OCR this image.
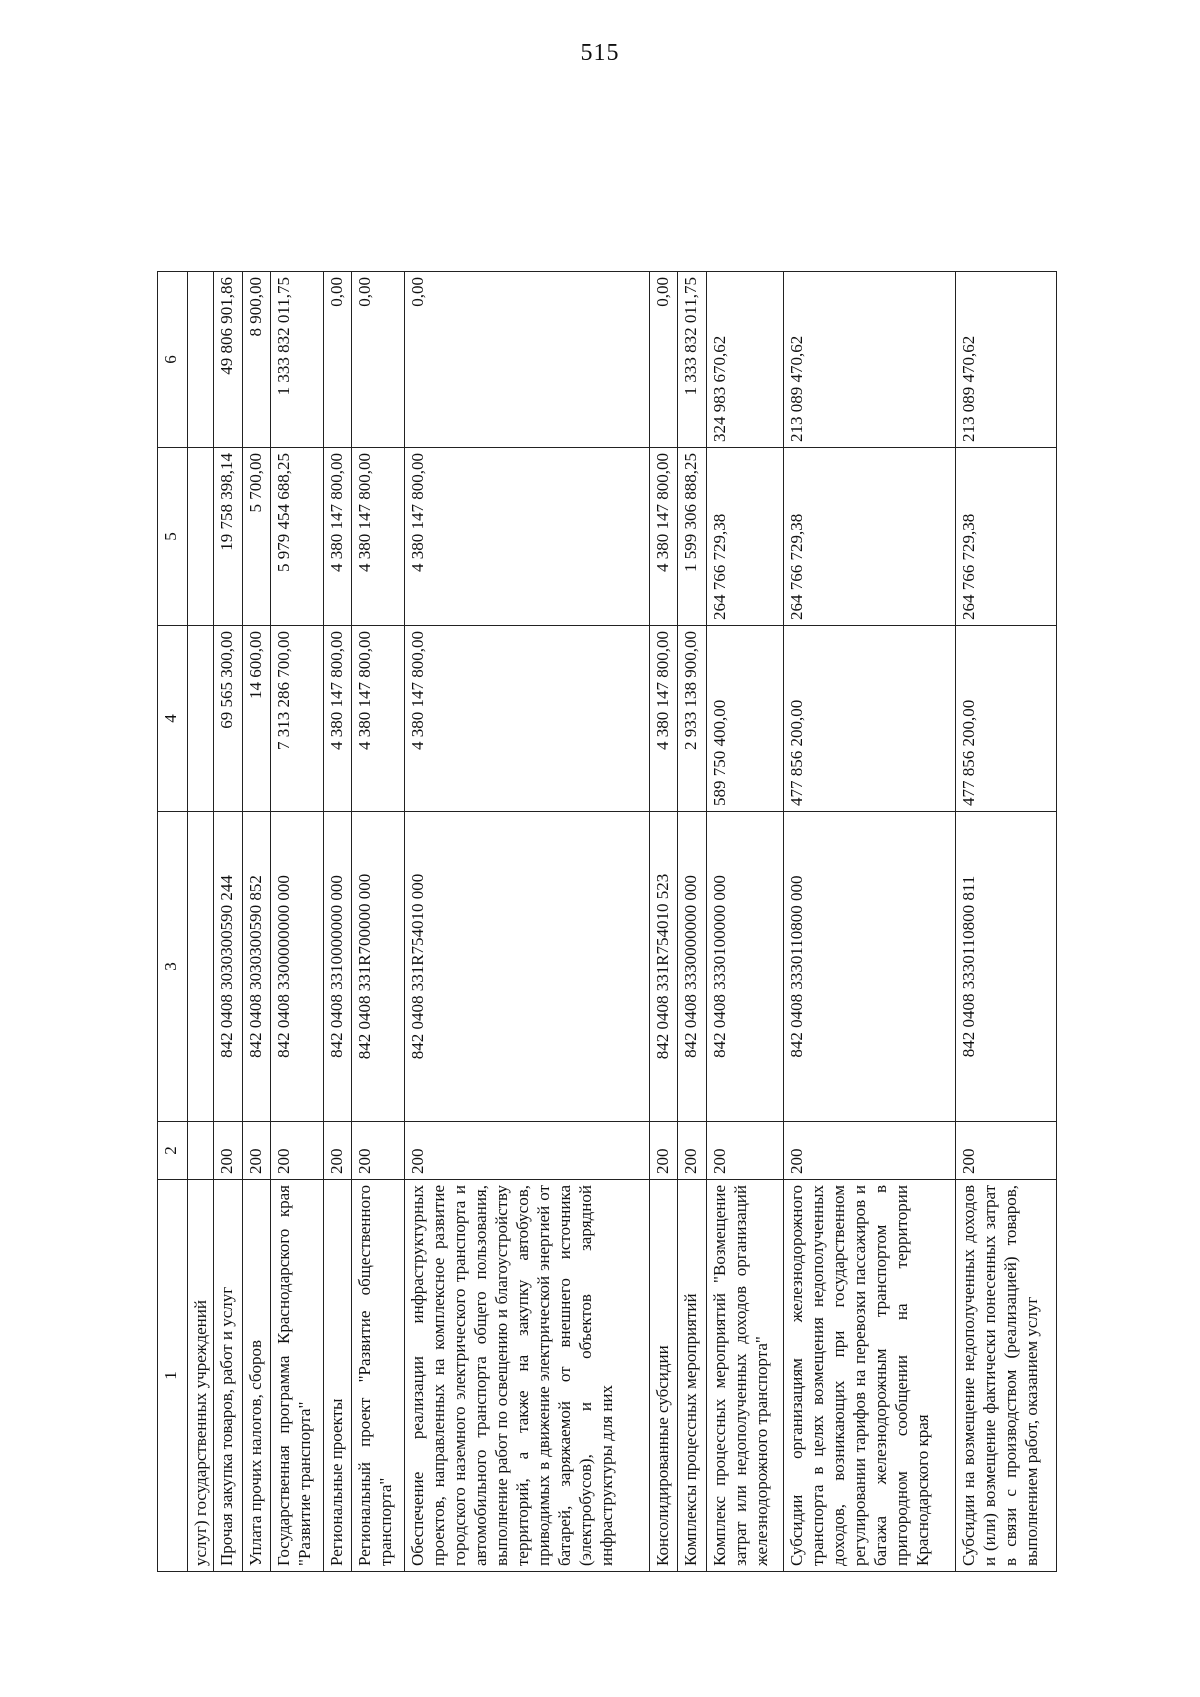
515
1	2	3	4	5	6
услуг) государственных учреждений					
Прочая закупка товаров, работ и услуг	200	842 0408 3030300590 244	69 565 300,00	19 758 398,14	49 806 901,86
Уплата прочих налогов, сборов	200	842 0408 3030300590 852	14 600,00	5 700,00	8 900,00
Государственная программа Краснодарского края "Развитие транспорта"	200	842 0408 3300000000 000	7 313 286 700,00	5 979 454 688,25	1 333 832 011,75
Региональные проекты	200	842 0408 3310000000 000	4 380 147 800,00	4 380 147 800,00	0,00
Региональный проект "Развитие общественного транспорта"	200	842 0408 331R700000 000	4 380 147 800,00	4 380 147 800,00	0,00
Обеспечение реализации инфраструктурных проектов, направленных на комплексное развитие городского наземного электрического транспорта и автомобильного транспорта общего пользования, выполнение работ по освещению и благоустройству территорий, а также на закупку автобусов, приводимых в движение электрической энергией от батарей, заряжаемой от внешнего источника (электробусов), и объектов зарядной инфраструктуры для них	200	842 0408 331R754010 000	4 380 147 800,00	4 380 147 800,00	0,00
Консолидированные субсидии	200	842 0408 331R754010 523	4 380 147 800,00	4 380 147 800,00	0,00
Комплексы процессных мероприятий	200	842 0408 3330000000 000	2 933 138 900,00	1 599 306 888,25	1 333 832 011,75
Комплекс процессных мероприятий "Возмещение затрат или недополученных доходов организаций железнодорожного транспорта"	200	842 0408 3330100000 000	589 750 400,00	264 766 729,38	324 983 670,62
Субсидии организациям железнодорожного транспорта в целях возмещения недополученных доходов, возникающих при государственном регулировании тарифов на перевозки пассажиров и багажа железнодорожным транспортом в пригородном сообщении на территории Краснодарского края	200	842 0408 3330110800 000	477 856 200,00	264 766 729,38	213 089 470,62
Субсидии на возмещение недополученных доходов и (или) возмещение фактически понесенных затрат в связи с производством (реализацией) товаров, выполнением работ, оказанием услуг	200	842 0408 3330110800 811	477 856 200,00	264 766 729,38	213 089 470,62
